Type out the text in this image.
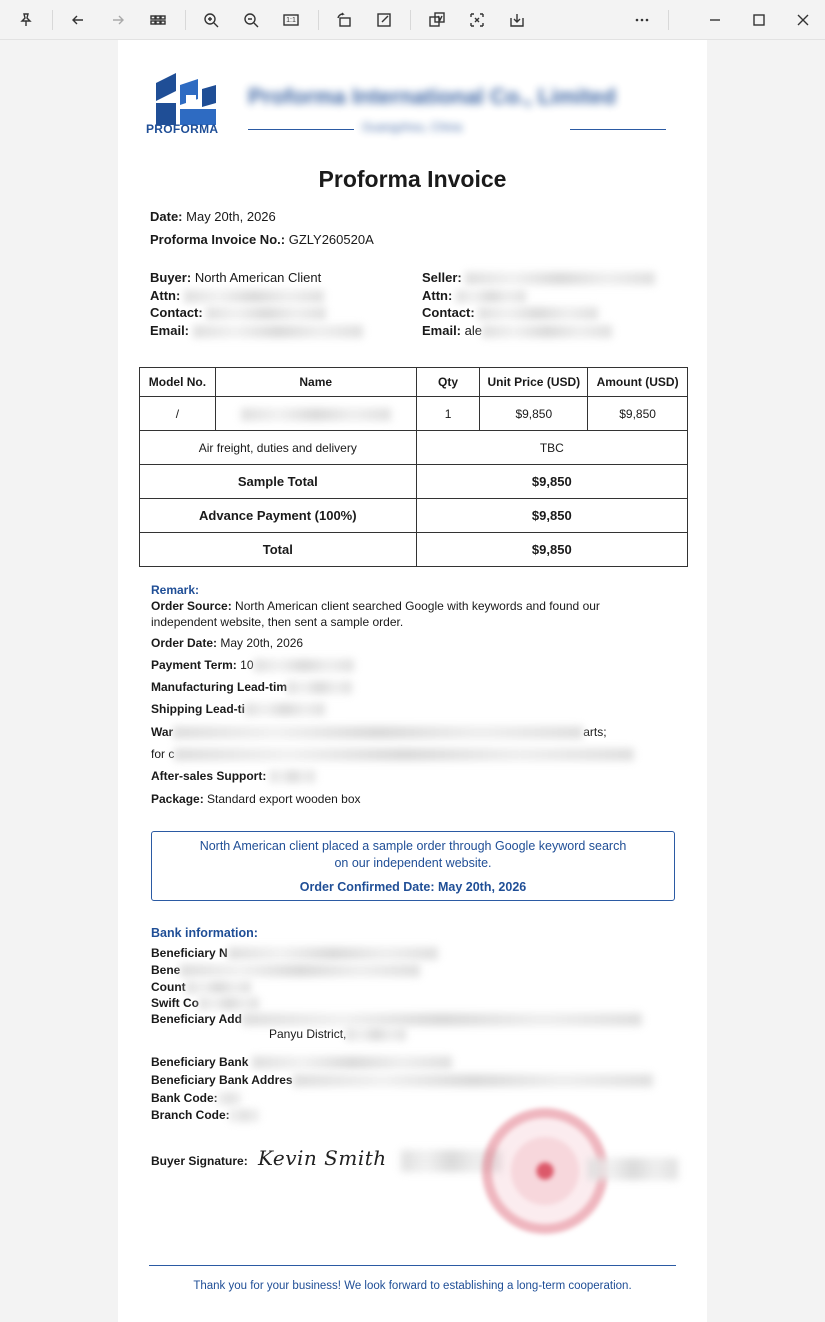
1:1
PROFORMA
Proforma International Co., Limited
Guangzhou, China
Proforma Invoice
Date: May 20th, 2026
Proforma Invoice No.: GZLY260520A
Buyer: North American Client
Attn:
Contact:
Email:
Seller:
Attn:
Contact:
Email: ale
Model No.	Name	Qty	Unit Price (USD)	Amount (USD)
/		1	$9,850	$9,850
Air freight, duties and delivery		TBC		
Sample Total		$9,850		
Advance Payment (100%)		$9,850		
Total		$9,850		
Remark:
Order Source: North American client searched Google with keywords and found our
independent website, then sent a sample order.
Order Date: May 20th, 2026
Payment Term: 10
Manufacturing Lead-tim
Shipping Lead-ti
War	arts;
for c
After-sales Support:
Package: Standard export wooden box
North American client placed a sample order through Google keyword search
on our independent website.
Order Confirmed Date: May 20th, 2026
Bank information:
Beneficiary N
Bene
Count
Swift Co
Beneficiary Add
Panyu District,
Beneficiary Bank
Beneficiary Bank Addres
Bank Code:
Branch Code:
Buyer Signature: Kevin Smith
Thank you for your business! We look forward to establishing a long-term cooperation.
